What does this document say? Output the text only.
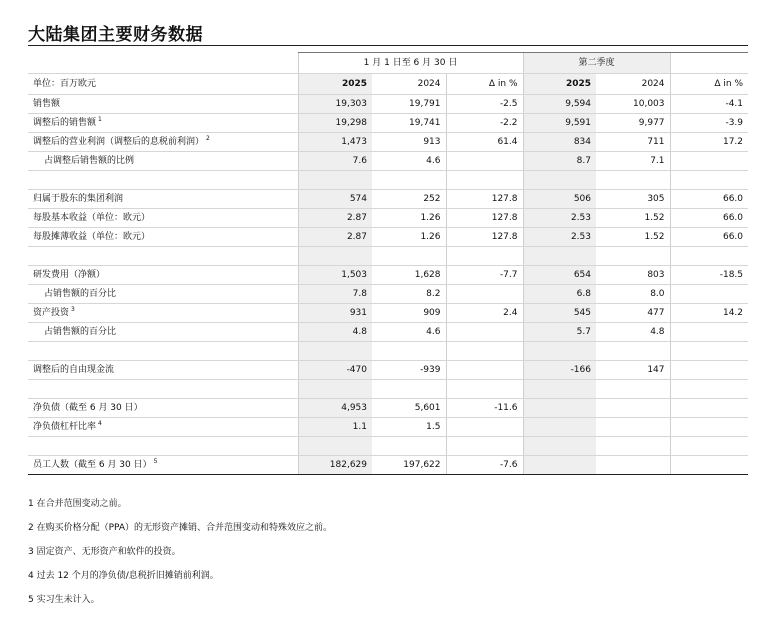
大陆集团主要财务数据
	1 月 1 日至 6 月 30 日			第二季度		
单位：百万欧元	2025	2024	Δ in %	2025	2024	Δ in %
销售额	19,303	19,791	-2.5	9,594	10,003	-4.1
调整后的销售额 $^1$	19,298	19,741	-2.2	9,591	9,977	-3.9
调整后的营业利润（调整后的息税前利润） $^2$	1,473	913	61.4	834	711	17.2
占调整后销售额的比例	7.6	4.6		8.7	7.1	

归属于股东的集团利润	574	252	127.8	506	305	66.0
每股基本收益（单位：欧元）	2.87	1.26	127.8	2.53	1.52	66.0
每股摊薄收益（单位：欧元）	2.87	1.26	127.8	2.53	1.52	66.0

研发费用（净额）	1,503	1,628	-7.7	654	803	-18.5
占销售额的百分比	7.8	8.2		6.8	8.0	
资产投资 $^3$	931	909	2.4	545	477	14.2
占销售额的百分比	4.8	4.6		5.7	4.8	

调整后的自由现金流	-470	-939		-166	147	

净负债（截至 6 月 30 日）	4,953	5,601	-11.6			
净负债杠杆比率 $^4$	1.1	1.5				

员工人数（截至 6 月 30 日） $^5$	182,629	197,622	-7.6			
1 在合并范围变动之前。
2 在购买价格分配（PPA）的无形资产摊销、合并范围变动和特殊效应之前。
3 固定资产、无形资产和软件的投资。
4 过去 12 个月的净负债/息税折旧摊销前利润。
5 实习生未计入。
